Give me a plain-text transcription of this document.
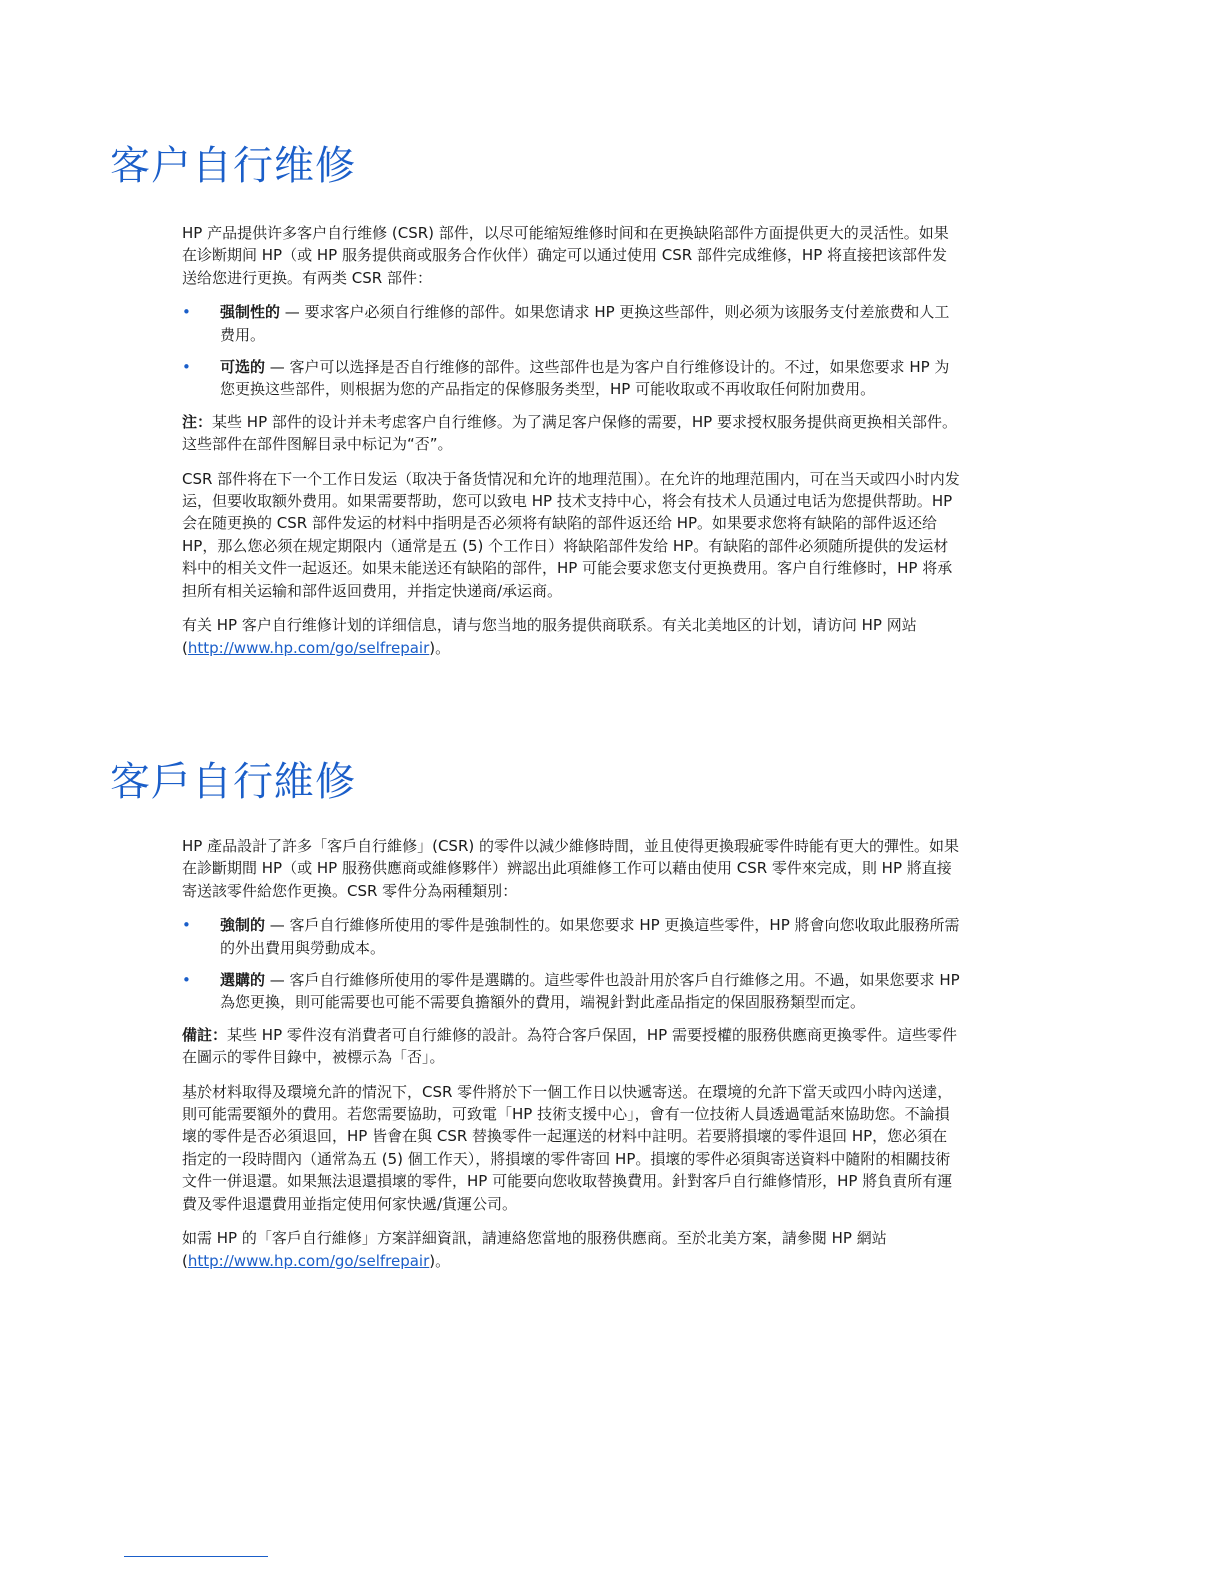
客户自行维修

HP 产品提供许多客户自行维修 (CSR) 部件，以尽可能缩短维修时间和在更换缺陷部件方面提供更大的灵活性。如果在诊断期间 HP（或 HP 服务提供商或服务合作伙伴）确定可以通过使用 CSR 部件完成维修，HP 将直接把该部件发送给您进行更换。有两类 CSR 部件：

• 强制性的 — 要求客户必须自行维修的部件。如果您请求 HP 更换这些部件，则必须为该服务支付差旅费和人工费用。

• 可选的 — 客户可以选择是否自行维修的部件。这些部件也是为客户自行维修设计的。不过，如果您要求 HP 为您更换这些部件，则根据为您的产品指定的保修服务类型，HP 可能收取或不再收取任何附加费用。

注：某些 HP 部件的设计并未考虑客户自行维修。为了满足客户保修的需要，HP 要求授权服务提供商更换相关部件。这些部件在部件图解目录中标记为“否”。

CSR 部件将在下一个工作日发运（取决于备货情况和允许的地理范围）。在允许的地理范围内，可在当天或四小时内发运，但要收取额外费用。如果需要帮助，您可以致电 HP 技术支持中心，将会有技术人员通过电话为您提供帮助。HP 会在随更换的 CSR 部件发运的材料中指明是否必须将有缺陷的部件返还给 HP。如果要求您将有缺陷的部件返还给 HP，那么您必须在规定期限内（通常是五 (5) 个工作日）将缺陷部件发给 HP。有缺陷的部件必须随所提供的发运材料中的相关文件一起返还。如果未能送还有缺陷的部件，HP 可能会要求您支付更换费用。客户自行维修时，HP 将承担所有相关运输和部件返回费用，并指定快递商/承运商。

有关 HP 客户自行维修计划的详细信息，请与您当地的服务提供商联系。有关北美地区的计划，请访问 HP 网站 (http://www.hp.com/go/selfrepair)。

客戶自行維修

HP 產品設計了許多「客戶自行維修」(CSR) 的零件以減少維修時間，並且使得更換瑕疵零件時能有更大的彈性。如果在診斷期間 HP（或 HP 服務供應商或維修夥伴）辨認出此項維修工作可以藉由使用 CSR 零件來完成，則 HP 將直接寄送該零件給您作更換。CSR 零件分為兩種類別：

• 強制的 — 客戶自行維修所使用的零件是強制性的。如果您要求 HP 更換這些零件，HP 將會向您收取此服務所需的外出費用與勞動成本。

• 選購的 — 客戶自行維修所使用的零件是選購的。這些零件也設計用於客戶自行維修之用。不過，如果您要求 HP 為您更換，則可能需要也可能不需要負擔額外的費用，端視針對此產品指定的保固服務類型而定。

備註：某些 HP 零件沒有消費者可自行維修的設計。為符合客戶保固，HP 需要授權的服務供應商更換零件。這些零件在圖示的零件目錄中，被標示為「否」。

基於材料取得及環境允許的情況下，CSR 零件將於下一個工作日以快遞寄送。在環境的允許下當天或四小時內送達，則可能需要額外的費用。若您需要協助，可致電「HP 技術支援中心」，會有一位技術人員透過電話來協助您。不論損壞的零件是否必須退回，HP 皆會在與 CSR 替換零件一起運送的材料中註明。若要將損壞的零件退回 HP，您必須在指定的一段時間內（通常為五 (5) 個工作天），將損壞的零件寄回 HP。損壞的零件必須與寄送資料中隨附的相關技術文件一併退還。如果無法退還損壞的零件，HP 可能要向您收取替換費用。針對客戶自行維修情形，HP 將負責所有運費及零件退還費用並指定使用何家快遞/貨運公司。

如需 HP 的「客戶自行維修」方案詳細資訊，請連絡您當地的服務供應商。至於北美方案，請參閱 HP 網站 (http://www.hp.com/go/selfrepair)。
